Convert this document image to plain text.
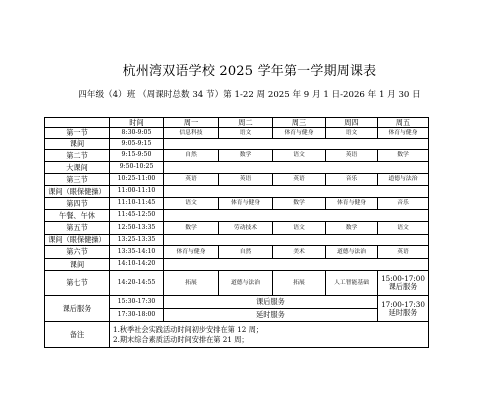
杭州湾双语学校 2025 学年第一学期周课表
四年级（4）班 （周课时总数 34 节）第 1-22 周 2025 年 9 月 1 日-2026 年 1 月 30 日
	时间	周一	周二	周三	周四	周五
第一节	8:30-9:05	信息科技	语文	体育与健身	语文	体育与健身
课间	9:05-9:15					
第二节	9:15-9:50	自然	数学	语文	英语	数学
大课间	9:50-10:25					
第三节	10:25-11:00	英语	英语	英语	音乐	道德与法治
课间（眼保健操）	11:00-11:10					
第四节	11:10-11:45	语文	体育与健身	数学	体育与健身	音乐
午餐、午休	11:45-12:50					
第五节	12:50-13:35	数学	劳动技术	语文	数学	语文
课间（眼保健操）	13:25-13:35					
第六节	13:35-14:10	体育与健身	自然	美术	道德与法治	英语
课间	14:10-14:20					
第七节	14:20-14:55	拓展	道德与法治	拓展	人工智能基础	15:00-17:00 课后服务
课后服务	15:30-17:30	课后服务				17:00-17:30 延时服务
	17:30-18:00	延时服务				
备注	1.秋季社会实践活动时间初步安排在第 12 周；
2.期末综合素质活动时间安排在第 21 周；					
